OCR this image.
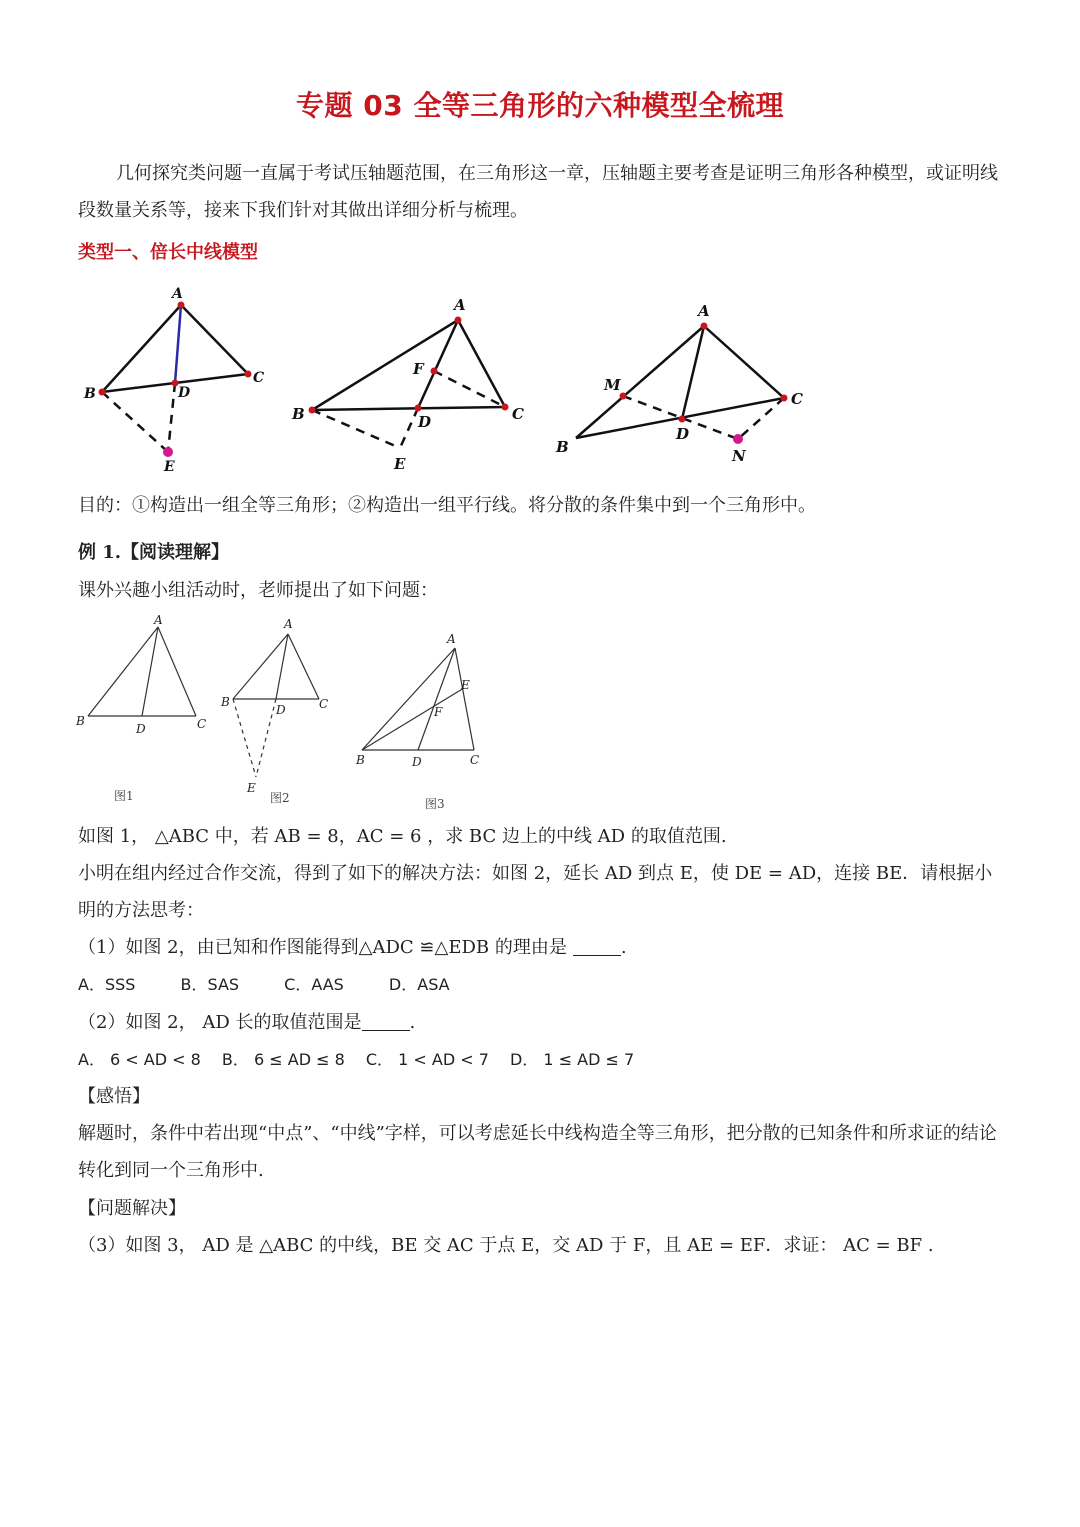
专题 03 全等三角形的六种模型全梳理
几何探究类问题一直属于考试压轴题范围，在三角形这一章，压轴题主要考查是证明三角形各种模型，或证明线段数量关系等，接来下我们针对其做出详细分析与梳理。
类型一、倍长中线模型
A
B
C
D
E
A
B	C
D
E
F
A
B
C
D
M
N
目的：①构造出一组全等三角形；②构造出一组平行线。将分散的条件集中到一个三角形中。
例 1.【阅读理解】
课外兴趣小组活动时，老师提出了如下问题：
A
B	C
D
A
B	C
D
E
A
B	C
D
E
F
图1	图2	图3
如图 1， △ABC 中，若 AB = 8，AC = 6 ，求 BC 边上的中线 AD 的取值范围.
小明在组内经过合作交流，得到了如下的解决方法：如图 2，延长 AD 到点 E，使 DE = AD，连接 BE．请根据小明的方法思考：
（1）如图 2，由已知和作图能得到△ADC ≌△EDB 的理由是	.
A．SSS	B．SAS	C．AAS	D．ASA
（2）如图 2， AD 长的取值范围是	.
A． 6 < AD < 8 B． 6 ≤ AD ≤ 8 C． 1 < AD < 7 D． 1 ≤ AD ≤ 7
【感悟】
解题时，条件中若出现“中点”、“中线”字样，可以考虑延长中线构造全等三角形，把分散的已知条件和所求证的结论转化到同一个三角形中.
【问题解决】
（3）如图 3， AD 是 △ABC 的中线，BE 交 AC 于点 E，交 AD 于 F，且 AE = EF．求证： AC = BF .
